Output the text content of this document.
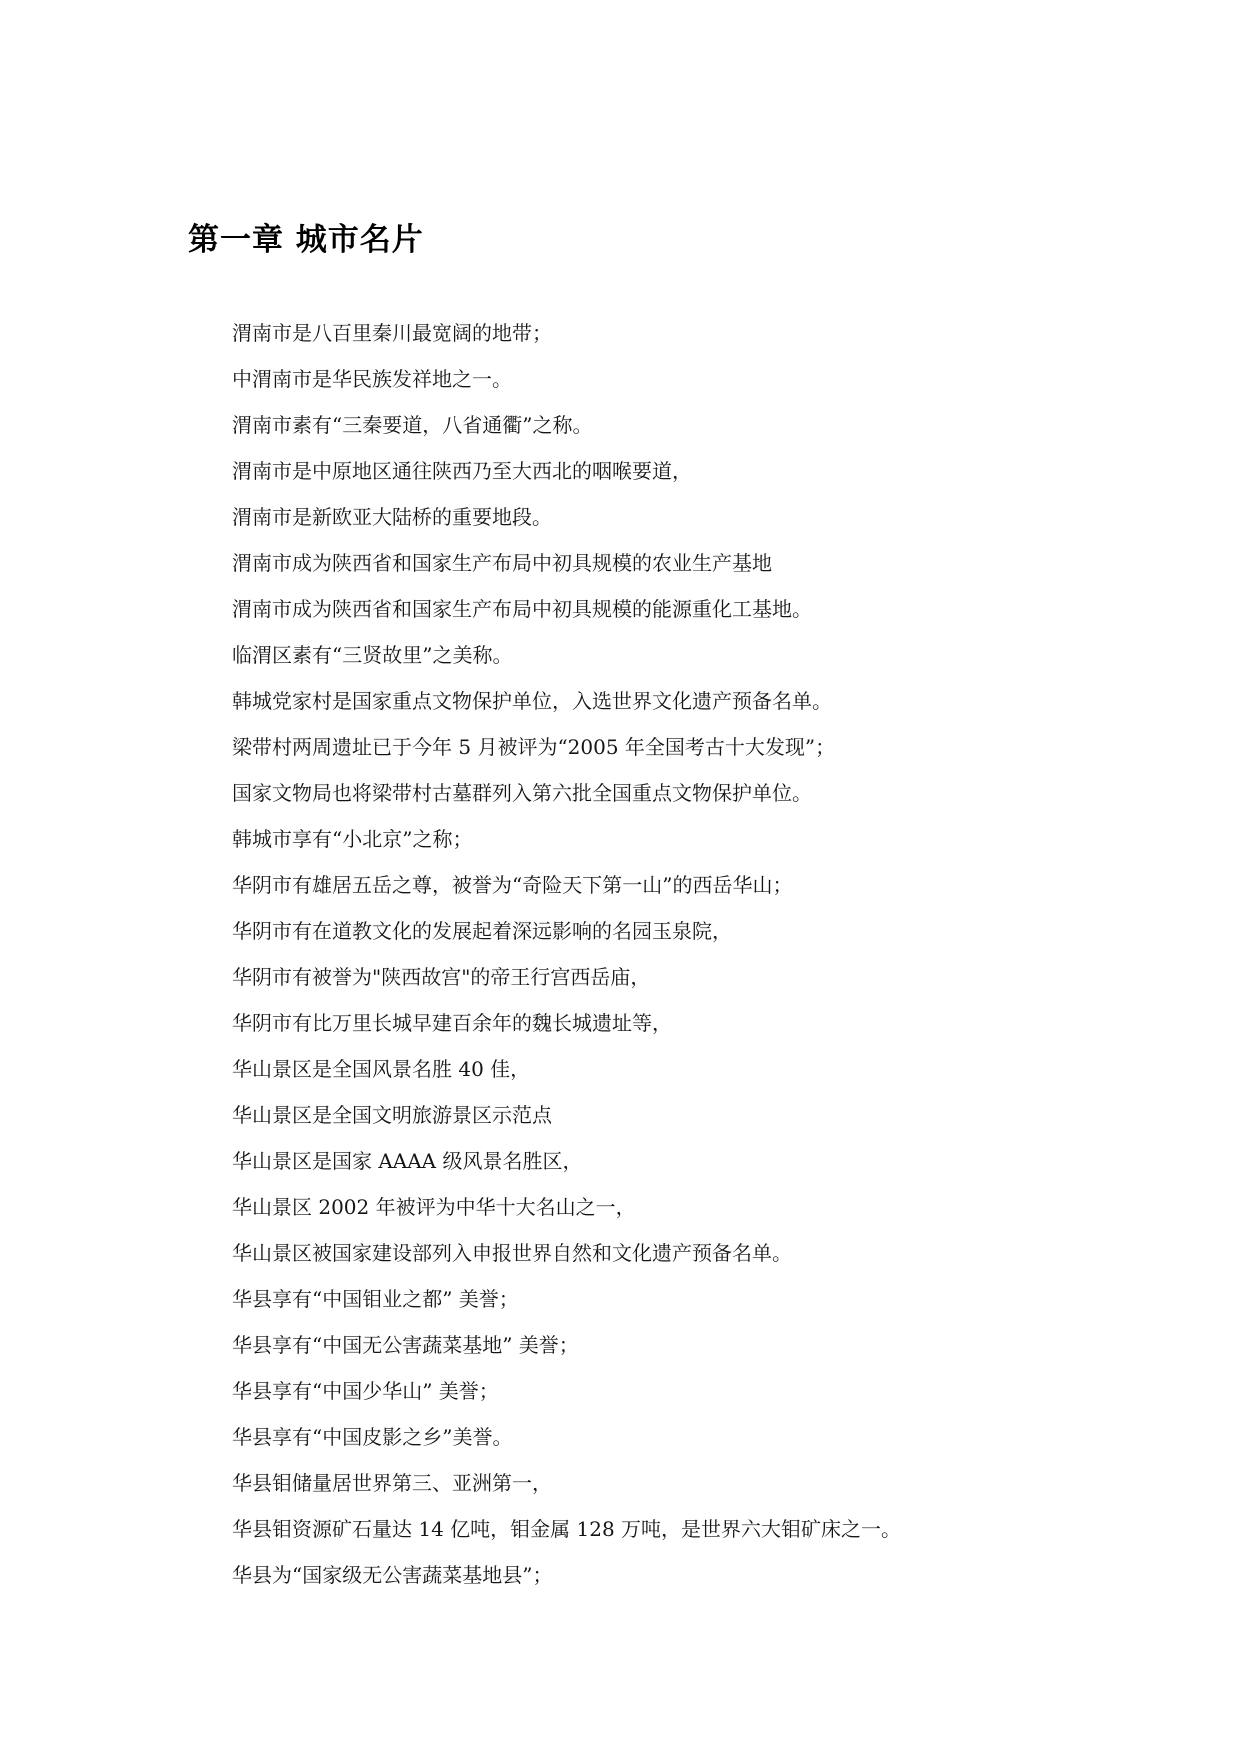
第一章 城市名片
渭南市是八百里秦川最宽阔的地带；
中渭南市是华民族发祥地之一。
渭南市素有“三秦要道，八省通衢”之称。
渭南市是中原地区通往陕西乃至大西北的咽喉要道，
渭南市是新欧亚大陆桥的重要地段。
渭南市成为陕西省和国家生产布局中初具规模的农业生产基地
渭南市成为陕西省和国家生产布局中初具规模的能源重化工基地。
临渭区素有“三贤故里”之美称。
韩城党家村是国家重点文物保护单位，入选世界文化遗产预备名单。
梁带村两周遗址已于今年 5 月被评为“2005 年全国考古十大发现”；
国家文物局也将梁带村古墓群列入第六批全国重点文物保护单位。
韩城市享有“小北京”之称；
华阴市有雄居五岳之尊，被誉为“奇险天下第一山”的西岳华山；
华阴市有在道教文化的发展起着深远影响的名园玉泉院，
华阴市有被誉为"陕西故宫"的帝王行宫西岳庙，
华阴市有比万里长城早建百余年的魏长城遗址等，
华山景区是全国风景名胜 40 佳，
华山景区是全国文明旅游景区示范点
华山景区是国家 AAAA 级风景名胜区，
华山景区 2002 年被评为中华十大名山之一，
华山景区被国家建设部列入申报世界自然和文化遗产预备名单。
华县享有“中国钼业之都” 美誉；
华县享有“中国无公害蔬菜基地” 美誉；
华县享有“中国少华山” 美誉；
华县享有“中国皮影之乡”美誉。
华县钼储量居世界第三、亚洲第一，
华县钼资源矿石量达 14 亿吨，钼金属 128 万吨，是世界六大钼矿床之一。
华县为“国家级无公害蔬菜基地县”；
